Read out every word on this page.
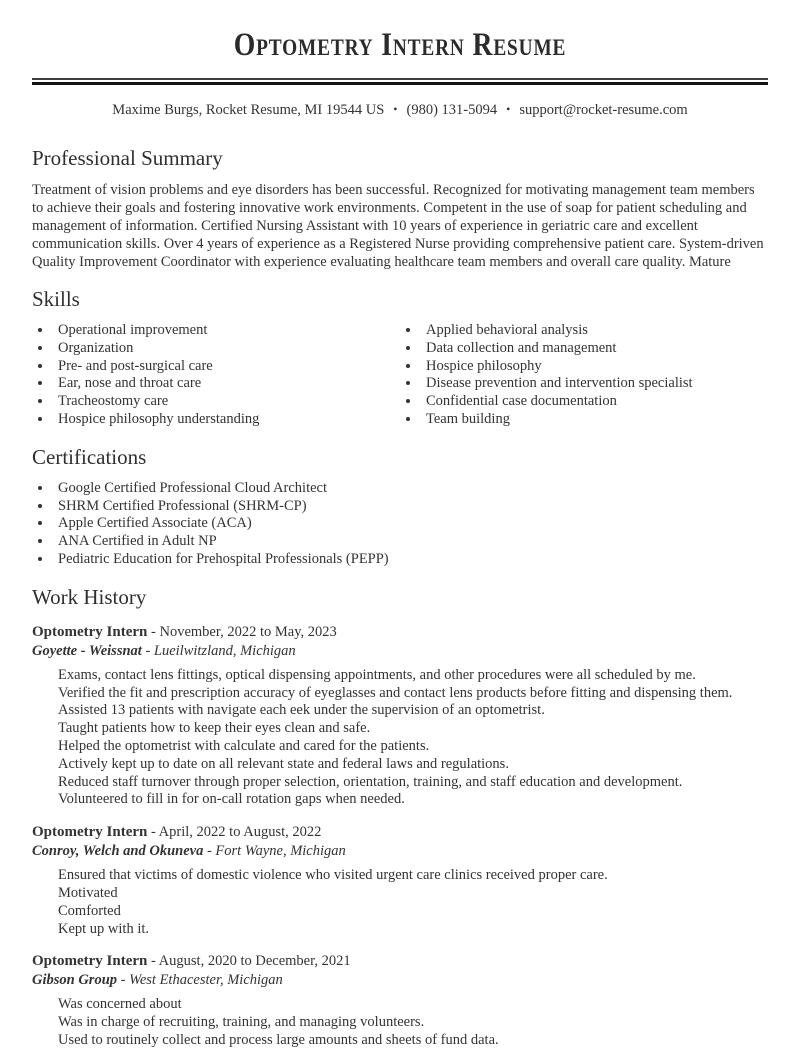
Optometry Intern Resume
Maxime Burgs, Rocket Resume, MI 19544 US • (980) 131-5094 • support@rocket-resume.com
Professional Summary

Treatment of vision problems and eye disorders has been successful. Recognized for motivating management team members to achieve their goals and fostering innovative work environments. Competent in the use of soap for patient scheduling and management of information. Certified Nursing Assistant with 10 years of experience in geriatric care and excellent communication skills. Over 4 years of experience as a Registered Nurse providing comprehensive patient care. System-driven Quality Improvement Coordinator with experience evaluating healthcare team members and overall care quality. Mature

Skills
• Operational improvement
• Organization
• Pre- and post-surgical care
• Ear, nose and throat care
• Tracheostomy care
• Hospice philosophy understanding
• Applied behavioral analysis
• Data collection and management
• Hospice philosophy
• Disease prevention and intervention specialist
• Confidential case documentation
• Team building
Certifications
• Google Certified Professional Cloud Architect
• SHRM Certified Professional (SHRM-CP)
• Apple Certified Associate (ACA)
• ANA Certified in Adult NP
• Pediatric Education for Prehospital Professionals (PEPP)
Work History
Optometry Intern - November, 2022 to May, 2023
Goyette - Weissnat - Lueilwitzland, Michigan
• Exams, contact lens fittings, optical dispensing appointments, and other procedures were all scheduled by me.
• Verified the fit and prescription accuracy of eyeglasses and contact lens products before fitting and dispensing them.
• Assisted 13 patients with navigate each eek under the supervision of an optometrist.
• Taught patients how to keep their eyes clean and safe.
• Helped the optometrist with calculate and cared for the patients.
• Actively kept up to date on all relevant state and federal laws and regulations.
• Reduced staff turnover through proper selection, orientation, training, and staff education and development.
• Volunteered to fill in for on-call rotation gaps when needed.
Optometry Intern - April, 2022 to August, 2022
Conroy, Welch and Okuneva - Fort Wayne, Michigan
• Ensured that victims of domestic violence who visited urgent care clinics received proper care.
• Motivated
• Comforted
• Kept up with it.
Optometry Intern - August, 2020 to December, 2021
Gibson Group - West Ethacester, Michigan
• Was concerned about
• Was in charge of recruiting, training, and managing volunteers.
• Used to routinely collect and process large amounts and sheets of fund data.
